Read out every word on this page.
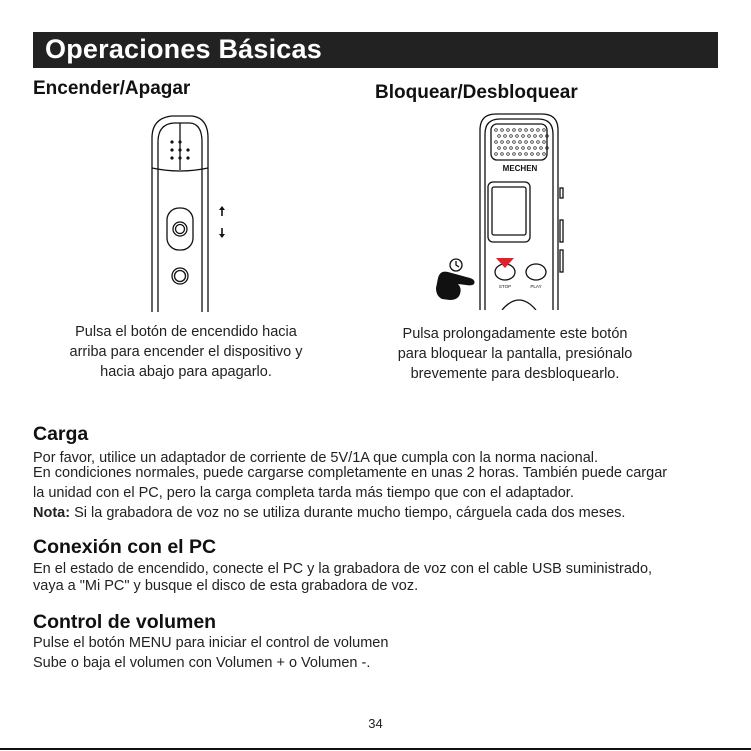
Operaciones Básicas
Encender/Apagar	Bloquear/Desbloquear
Pulsa el botón de encendido hacia
arriba para encender el dispositivo y
hacia abajo para apagarlo.
MECHEN
STOP	PLAY
Pulsa prolongadamente este botón
para bloquear la pantalla, presiónalo
brevemente para desbloquearlo.
Carga
Por favor, utilice un adaptador de corriente de 5V/1A que cumpla con la norma nacional.
En condiciones normales, puede cargarse completamente en unas 2 horas. También puede cargar
la unidad con el PC, pero la carga completa tarda más tiempo que con el adaptador.
Nota: Si la grabadora de voz no se utiliza durante mucho tiempo, cárguela cada dos meses.
Conexión con el PC
En el estado de encendido, conecte el PC y la grabadora de voz con el cable USB suministrado,
vaya a "Mi PC" y busque el disco de esta grabadora de voz.
Control de volumen
Pulse el botón MENU para iniciar el control de volumen
Sube o baja el volumen con Volumen + o Volumen -.
34
